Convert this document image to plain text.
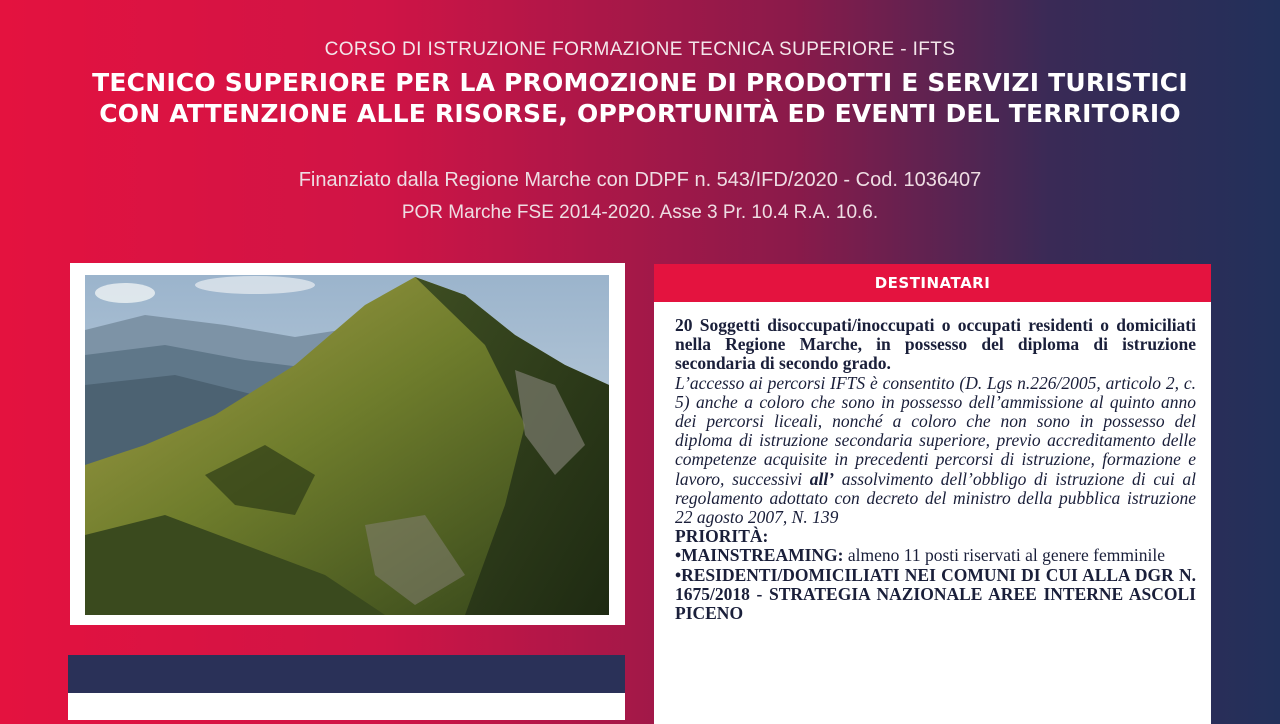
CORSO DI ISTRUZIONE FORMAZIONE TECNICA SUPERIORE - IFTS
TECNICO SUPERIORE PER LA PROMOZIONE DI PRODOTTI E SERVIZI TURISTICI CON ATTENZIONE ALLE RISORSE, OPPORTUNITÀ ED EVENTI DEL TERRITORIO
Finanziato dalla Regione Marche con DDPF n. 543/IFD/2020 - Cod. 1036407
POR Marche FSE 2014-2020. Asse 3 Pr. 10.4 R.A. 10.6.
DESTINATARI

20 Soggetti disoccupati/inoccupati o occupati residenti o domiciliati nella Regione Marche, in possesso del diploma di istruzione secondaria di secondo grado.

L’accesso ai percorsi IFTS è consentito (D. Lgs n.226/2005, articolo 2, c. 5) anche a coloro che sono in possesso dell’ammissione al quinto anno dei percorsi liceali, nonché a coloro che non sono in possesso del diploma di istruzione secondaria superiore, previo accreditamento delle competenze acquisite in precedenti percorsi di istruzione, formazione e lavoro, successivi all’ assolvimento dell’obbligo di istruzione di cui al regolamento adottato con decreto del ministro della pubblica istruzione 22 agosto 2007, N. 139

PRIORITÀ:

•MAINSTREAMING: almeno 11 posti riservati al genere femminile

•RESIDENTI/DOMICILIATI NEI COMUNI DI CUI ALLA DGR N. 1675/2018 - STRATEGIA NAZIONALE AREE INTERNE ASCOLI PICENO
